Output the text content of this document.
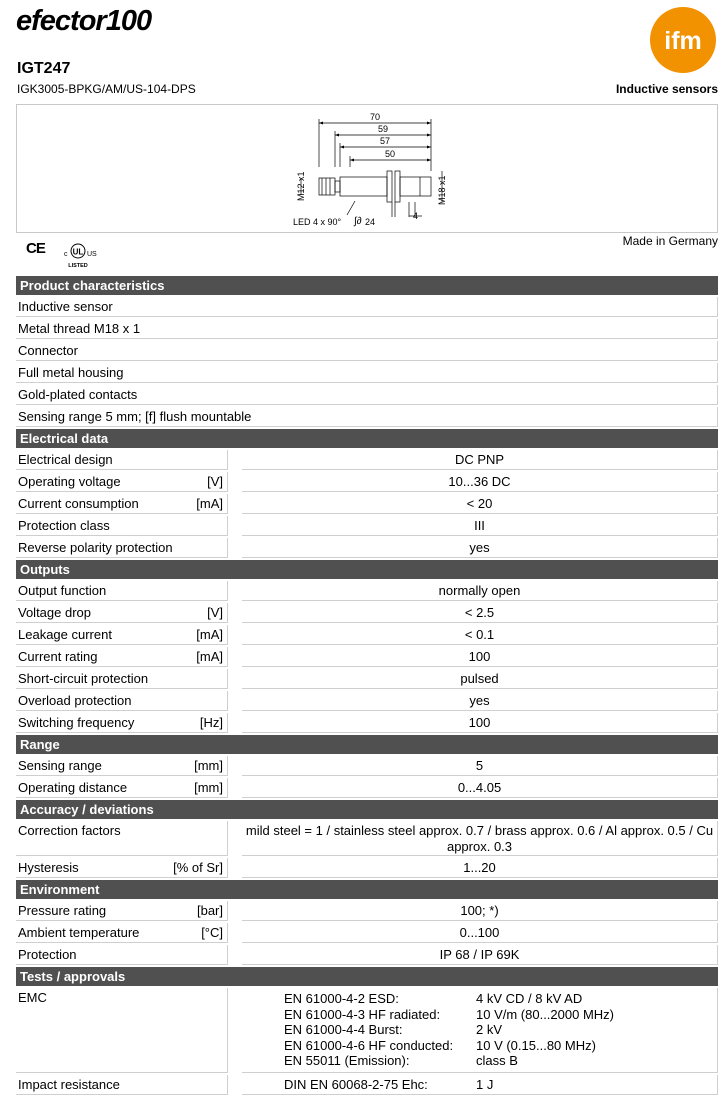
efector100
ifm
IGT247
IGK3005-BPKG/AM/US-104-DPS	Inductive sensors
70
59
57
50
M12 x1	M18 x1
LED 4 x 90° ∫∂ 24
4
CE	c UL US
LISTED
Made in Germany
Product characteristics
Inductive sensor
Metal thread M18 x 1
Connector
Full metal housing
Gold-plated contacts
Sensing range 5 mm; [f] flush mountable
Electrical data
Electrical design	DC PNP
Operating voltage	[V]	10...36 DC
Current consumption	[mA]	< 20
Protection class	III
Reverse polarity protection	yes
Outputs
Output function	normally open
Voltage drop	[V]	< 2.5
Leakage current	[mA]	< 0.1
Current rating	[mA]	100
Short-circuit protection	pulsed
Overload protection	yes
Switching frequency	[Hz]	100
Range
Sensing range	[mm]	5
Operating distance	[mm]	0...4.05
Accuracy / deviations
Correction factors	mild steel = 1 / stainless steel approx. 0.7 / brass approx. 0.6 / Al approx. 0.5 / Cu approx. 0.3
Hysteresis	[% of Sr]	1...20
Environment
Pressure rating	[bar]	100; *)
Ambient temperature	[°C]	0...100
Protection	IP 68 / IP 69K
Tests / approvals
EMC	EN 61000-4-2 ESD:	4 kV CD / 8 kV AD
EN 61000-4-3 HF radiated:	10 V/m (80...2000 MHz)
EN 61000-4-4 Burst:	2 kV
EN 61000-4-6 HF conducted:	10 V (0.15...80 MHz)
EN 55011 (Emission):	class B
Impact resistance	DIN EN 60068-2-75 Ehc:	1 J
